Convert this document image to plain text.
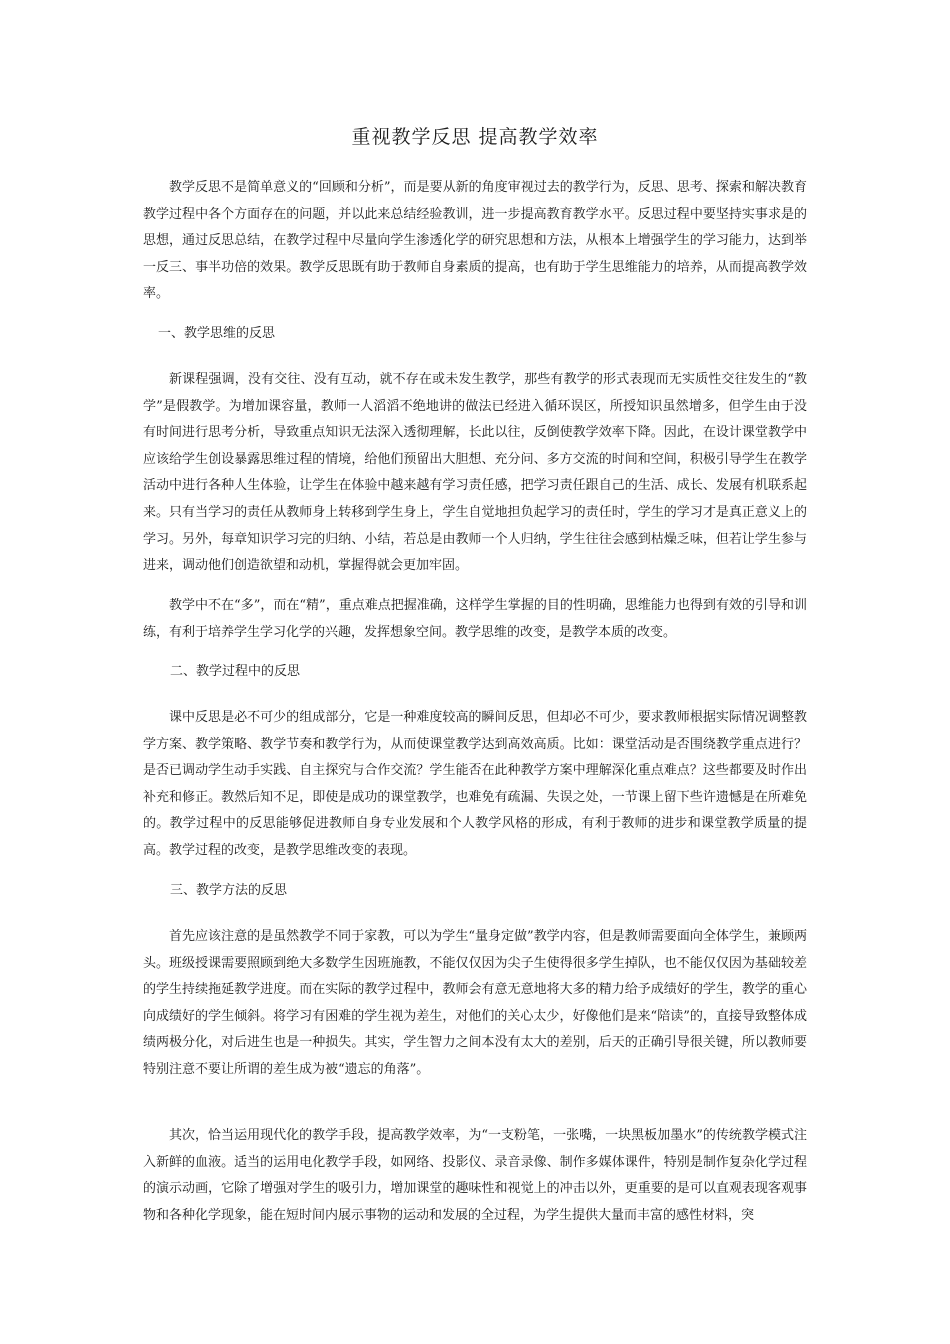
重视教学反思 提高教学效率

教学反思不是简单意义的“回顾和分析”，而是要从新的角度审视过去的教学行为，反思、思考、探索和解决教育教学过程中各个方面存在的问题，并以此来总结经验教训，进一步提高教育教学水平。反思过程中要坚持实事求是的思想，通过反思总结，在教学过程中尽量向学生渗透化学的研究思想和方法，从根本上增强学生的学习能力，达到举一反三、事半功倍的效果。教学反思既有助于教师自身素质的提高，也有助于学生思维能力的培养，从而提高教学效率。

一、教学思维的反思

新课程强调，没有交往、没有互动，就不存在或未发生教学，那些有教学的形式表现而无实质性交往发生的“教学”是假教学。为增加课容量，教师一人滔滔不绝地讲的做法已经进入循环误区，所授知识虽然增多，但学生由于没有时间进行思考分析，导致重点知识无法深入透彻理解，长此以往，反倒使教学效率下降。因此，在设计课堂教学中应该给学生创设暴露思维过程的情境，给他们预留出大胆想、充分问、多方交流的时间和空间，积极引导学生在教学活动中进行各种人生体验，让学生在体验中越来越有学习责任感，把学习责任跟自己的生活、成长、发展有机联系起来。只有当学习的责任从教师身上转移到学生身上，学生自觉地担负起学习的责任时，学生的学习才是真正意义上的学习。另外，每章知识学习完的归纳、小结，若总是由教师一个人归纳，学生往往会感到枯燥乏味，但若让学生参与进来，调动他们创造欲望和动机，掌握得就会更加牢固。

教学中不在“多”，而在“精”，重点难点把握准确，这样学生掌握的目的性明确，思维能力也得到有效的引导和训练，有利于培养学生学习化学的兴趣，发挥想象空间。教学思维的改变，是教学本质的改变。

二、教学过程中的反思

课中反思是必不可少的组成部分，它是一种难度较高的瞬间反思，但却必不可少，要求教师根据实际情况调整教学方案、教学策略、教学节奏和教学行为，从而使课堂教学达到高效高质。比如：课堂活动是否围绕教学重点进行？是否已调动学生动手实践、自主探究与合作交流？学生能否在此种教学方案中理解深化重点难点？这些都要及时作出补充和修正。教然后知不足，即使是成功的课堂教学，也难免有疏漏、失误之处，一节课上留下些许遗憾是在所难免的。教学过程中的反思能够促进教师自身专业发展和个人教学风格的形成，有利于教师的进步和课堂教学质量的提高。教学过程的改变，是教学思维改变的表现。

三、教学方法的反思

首先应该注意的是虽然教学不同于家教，可以为学生“量身定做”教学内容，但是教师需要面向全体学生，兼顾两头。班级授课需要照顾到绝大多数学生因班施教，不能仅仅因为尖子生使得很多学生掉队，也不能仅仅因为基础较差的学生持续拖延教学进度。而在实际的教学过程中，教师会有意无意地将大多的精力给予成绩好的学生，教学的重心向成绩好的学生倾斜。将学习有困难的学生视为差生，对他们的关心太少，好像他们是来“陪读”的，直接导致整体成绩两极分化，对后进生也是一种损失。其实，学生智力之间本没有太大的差别，后天的正确引导很关键，所以教师要特别注意不要让所谓的差生成为被“遗忘的角落”。

其次，恰当运用现代化的教学手段，提高教学效率，为“一支粉笔，一张嘴，一块黑板加墨水”的传统教学模式注入新鲜的血液。适当的运用电化教学手段，如网络、投影仪、录音录像、制作多媒体课件，特别是制作复杂化学过程的演示动画，它除了增强对学生的吸引力，增加课堂的趣味性和视觉上的冲击以外，更重要的是可以直观表现客观事物和各种化学现象，能在短时间内展示事物的运动和发展的全过程，为学生提供大量而丰富的感性材料，突
